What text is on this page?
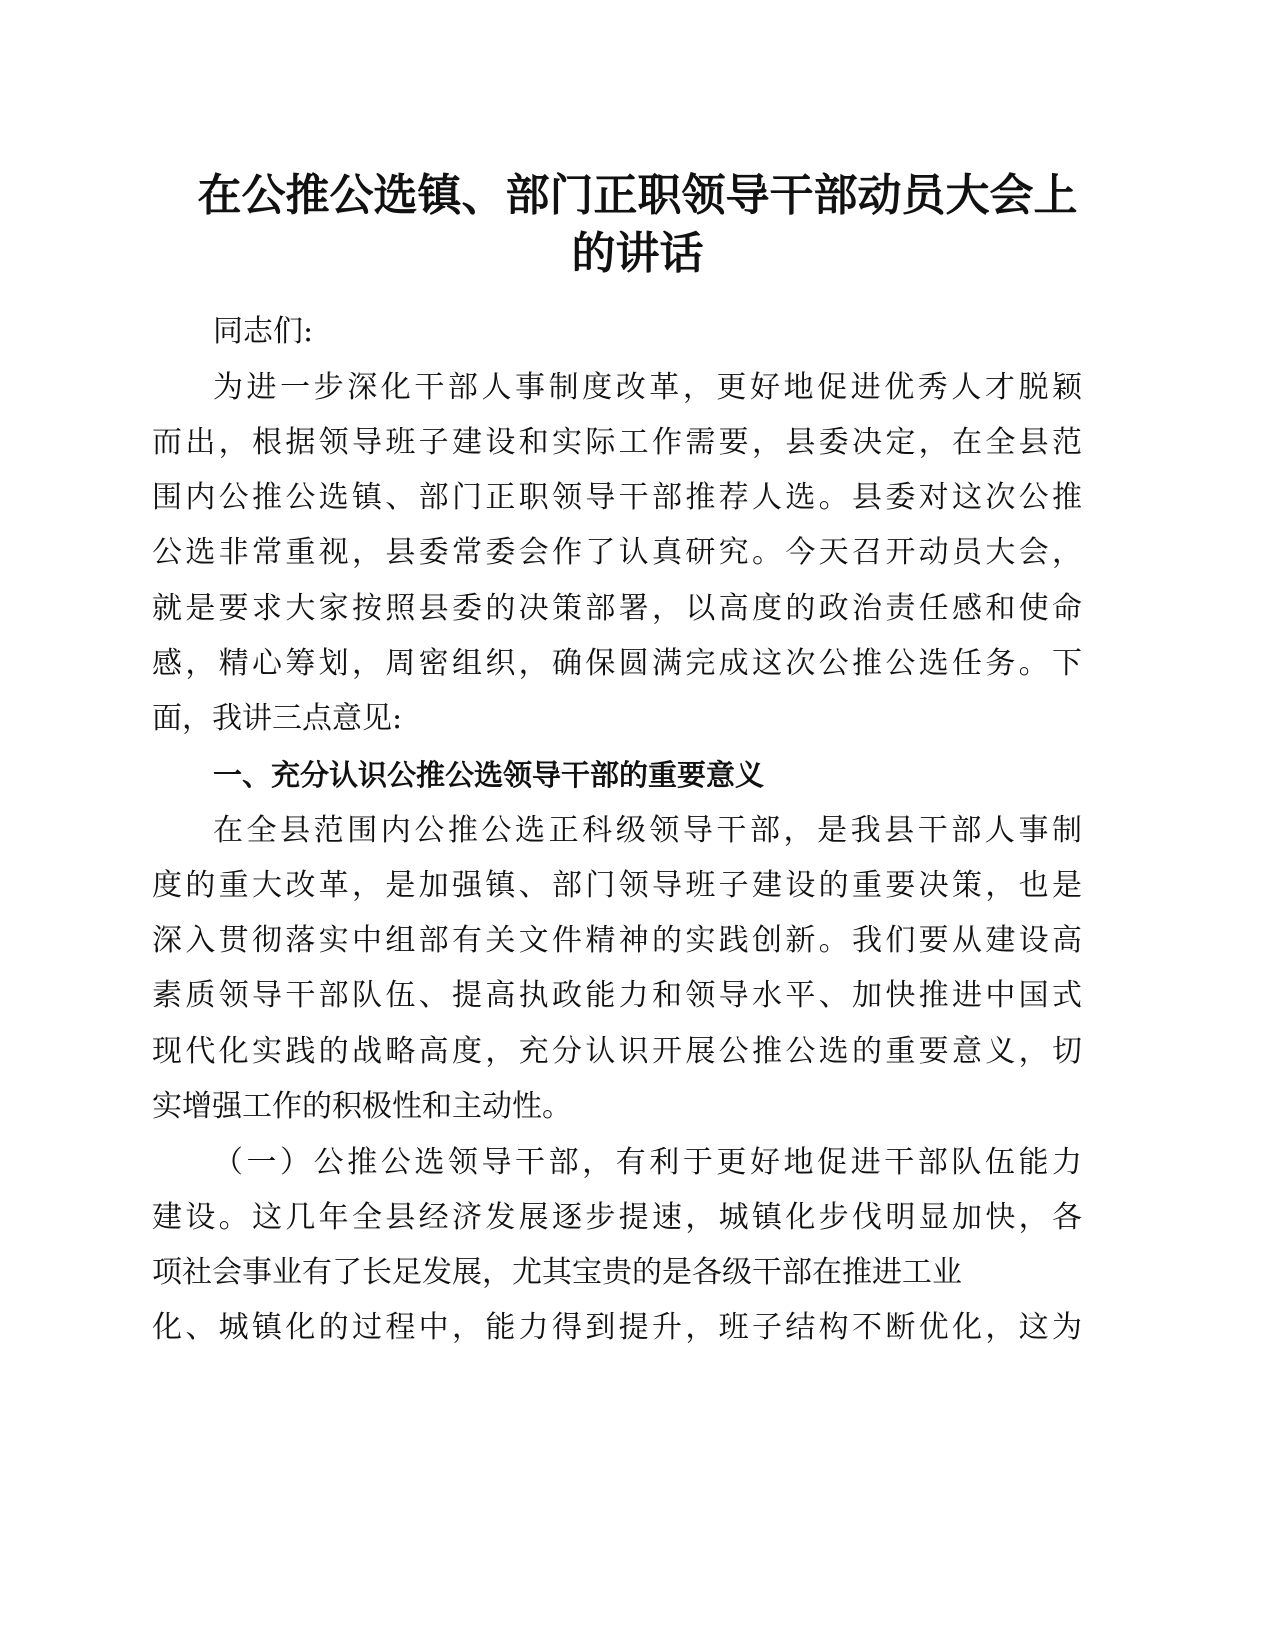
在公推公选镇、部门正职领导干部动员大会上
的讲话
同志们:
为进一步深化干部人事制度改革，更好地促进优秀人才脱颖
而出，根据领导班子建设和实际工作需要，县委决定，在全县范
围内公推公选镇、部门正职领导干部推荐人选。县委对这次公推
公选非常重视，县委常委会作了认真研究。今天召开动员大会，
就是要求大家按照县委的决策部署，以高度的政治责任感和使命
感，精心筹划，周密组织，确保圆满完成这次公推公选任务。下
面，我讲三点意见:
一、充分认识公推公选领导干部的重要意义
在全县范围内公推公选正科级领导干部，是我县干部人事制
度的重大改革，是加强镇、部门领导班子建设的重要决策，也是
深入贯彻落实中组部有关文件精神的实践创新。我们要从建设高
素质领导干部队伍、提高执政能力和领导水平、加快推进中国式
现代化实践的战略高度，充分认识开展公推公选的重要意义，切
实增强工作的积极性和主动性。
（一）公推公选领导干部，有利于更好地促进干部队伍能力
建设。这几年全县经济发展逐步提速，城镇化步伐明显加快，各
项社会事业有了长足发展，尤其宝贵的是各级干部在推进工业
化、城镇化的过程中，能力得到提升，班子结构不断优化，这为
